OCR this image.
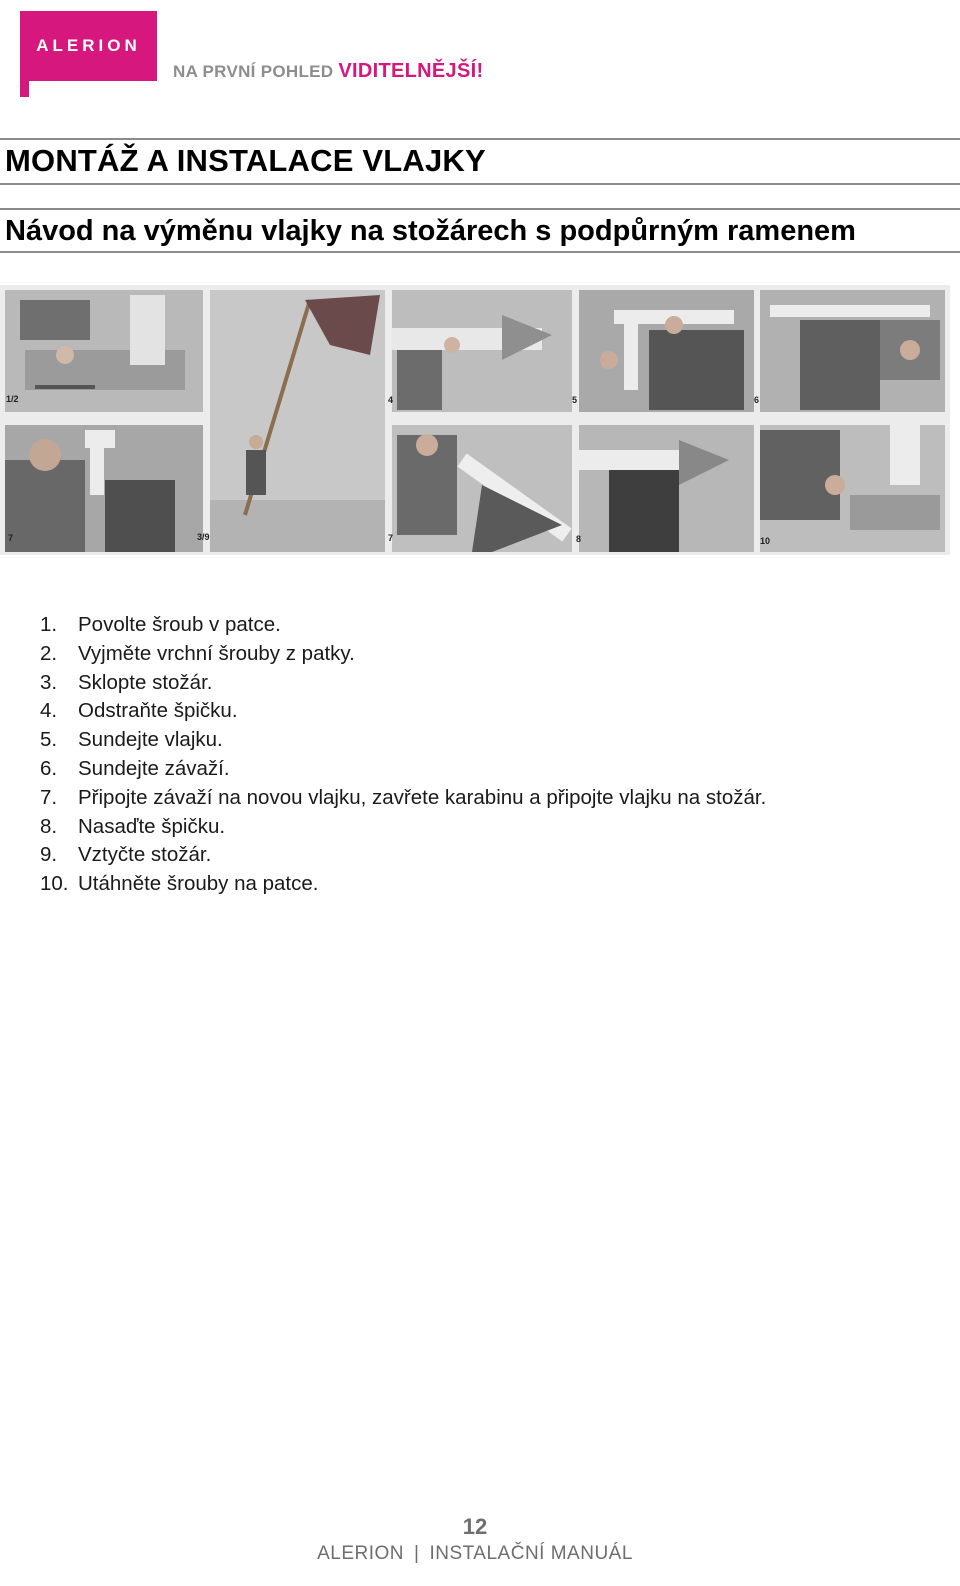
ALERION
NA PRVNÍ POHLED VIDITELNĚJŠÍ!
MONTÁŽ A INSTALACE VLAJKY
Návod na výměnu vlajky na stožárech s podpůrným ramenem
1/2	4	5	6
7	3/9	7	8	10
1. Povolte šroub v patce.
2. Vyjměte vrchní šrouby z patky.
3. Sklopte stožár.
4. Odstraňte špičku.
5. Sundejte vlajku.
6. Sundejte závaží.
7. Připojte závaží na novou vlajku, zavřete karabinu a připojte vlajku na stožár.
8. Nasaďte špičku.
9. Vztyčte stožár.
10. Utáhněte šrouby na patce.
12
ALERION | INSTALAČNÍ MANUÁL
